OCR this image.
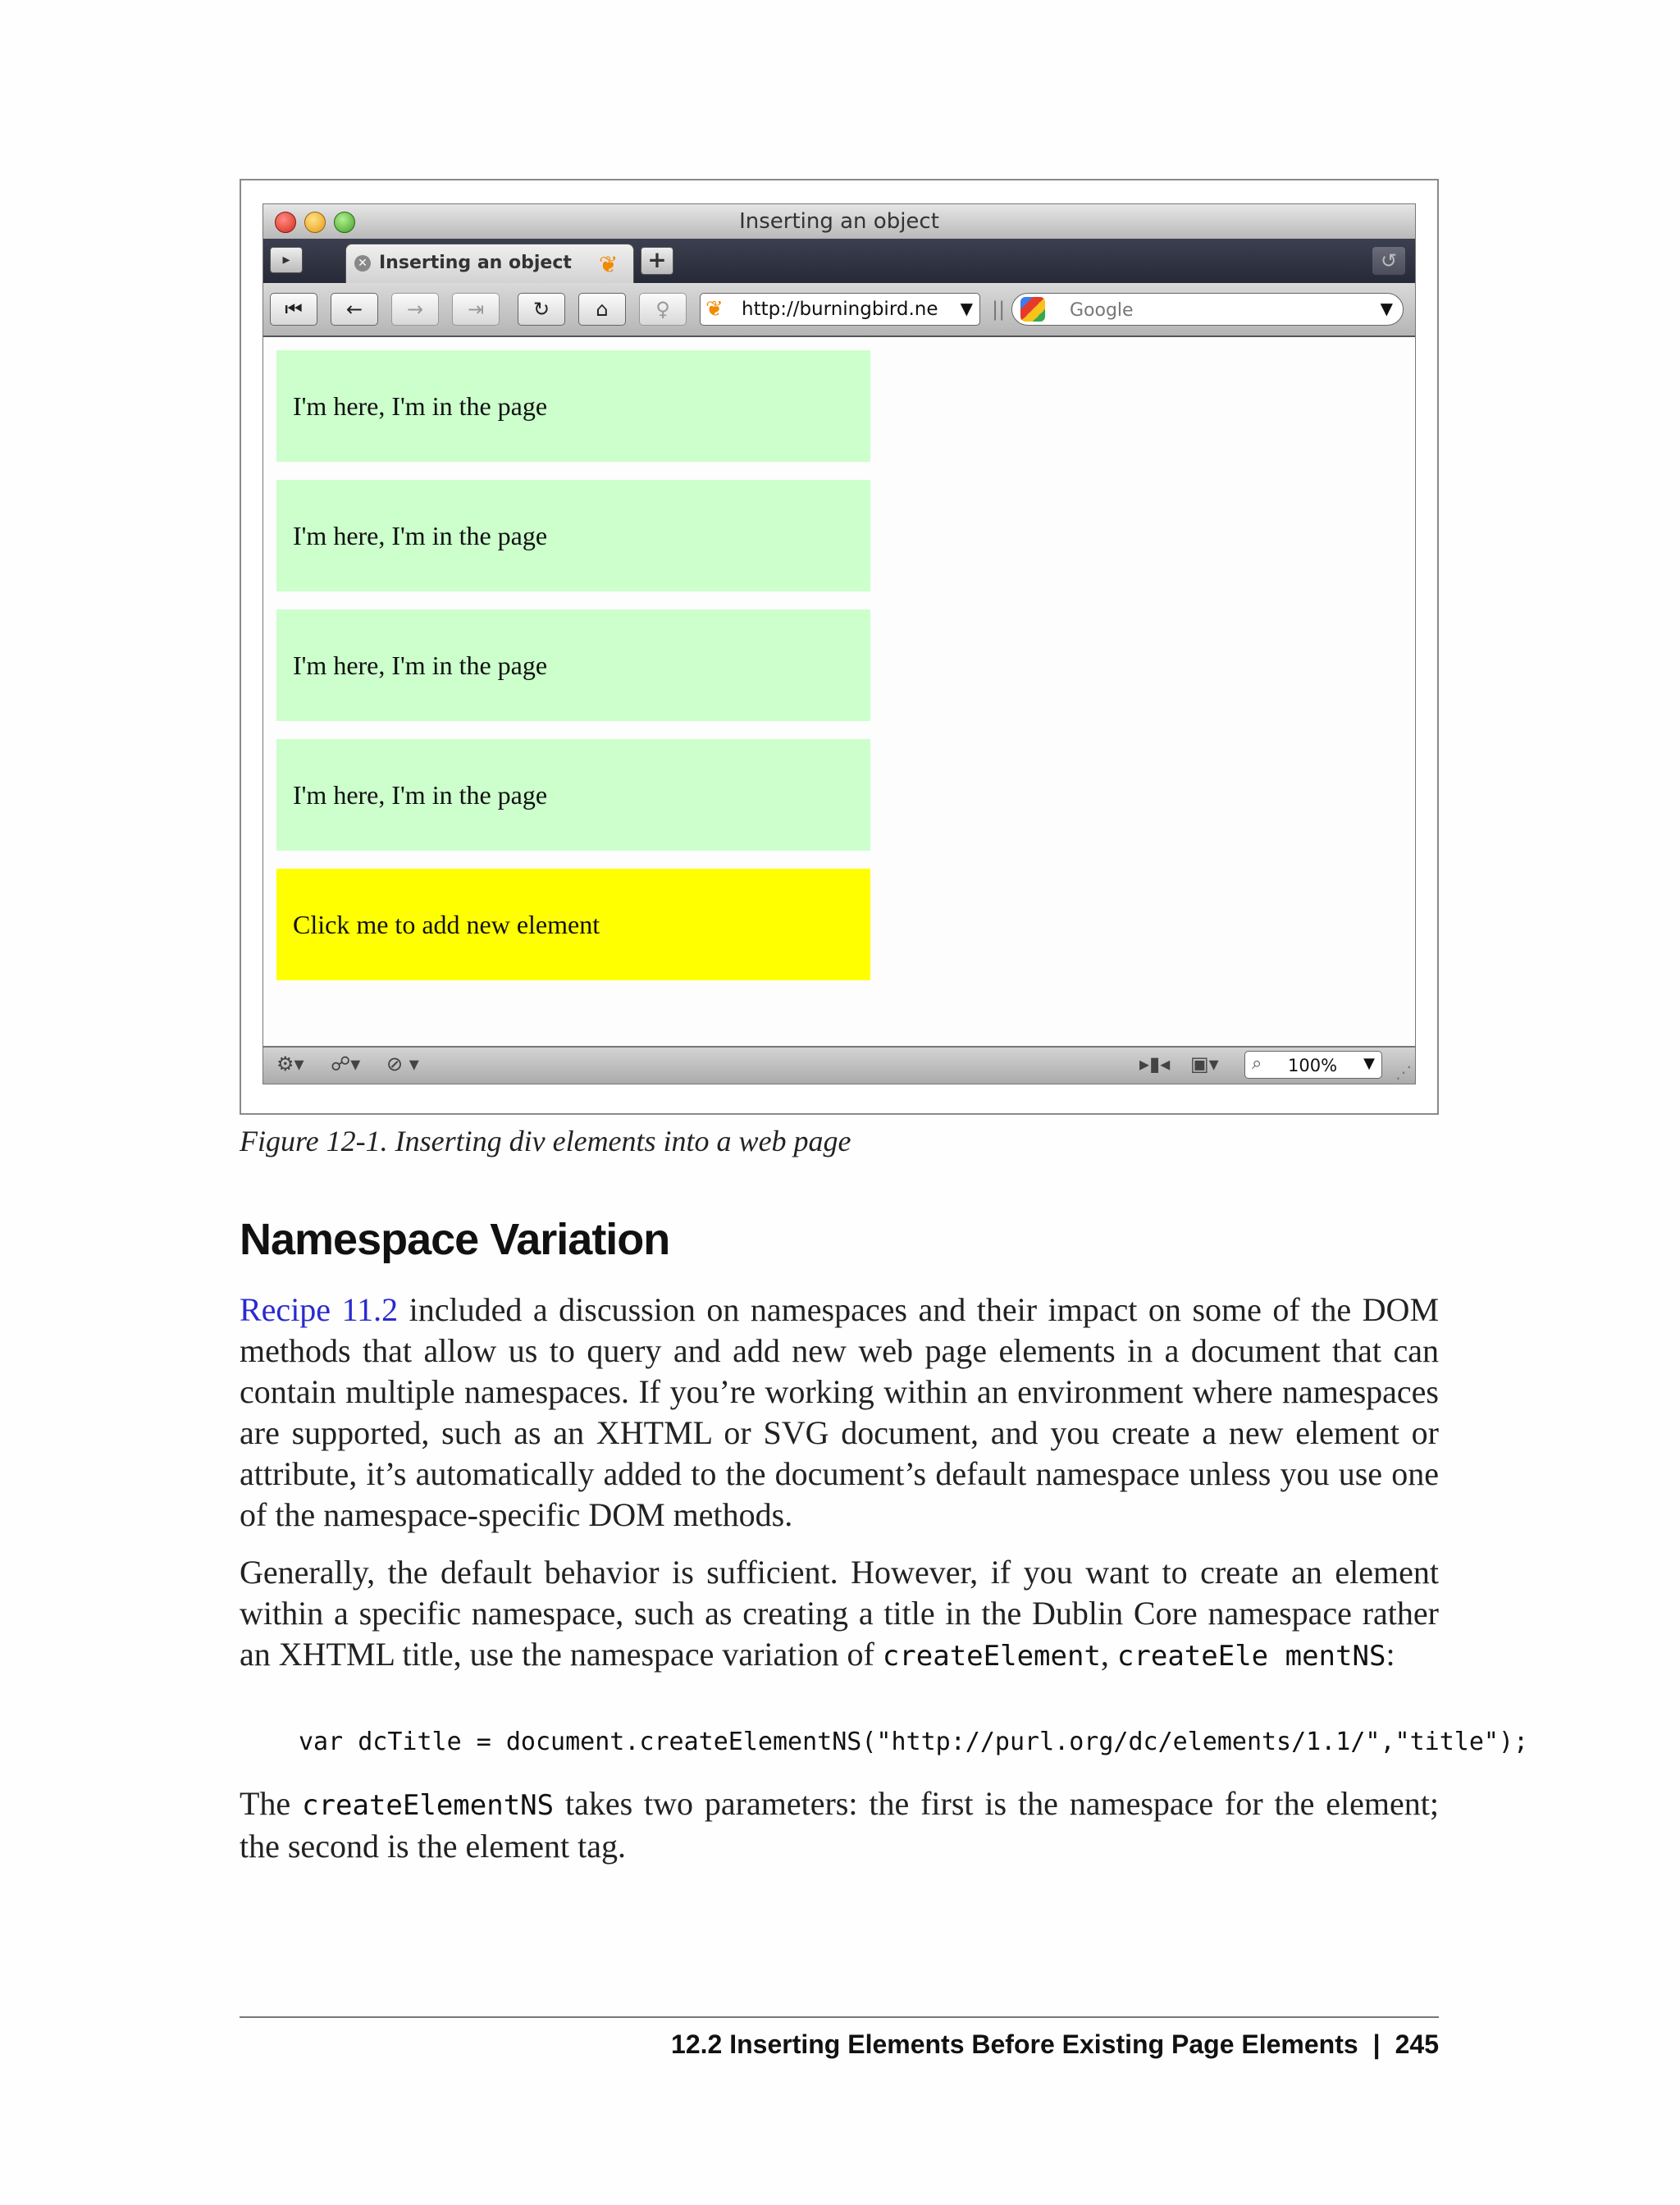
Inserting an object
▸	✕ Inserting an object ❦ +	↺
⏮	←	→	⇥	↻	⌂	♀	❦ http://burningbird.ne ▼ ||	Google	▼
I'm here, I'm in the page
I'm here, I'm in the page
I'm here, I'm in the page
I'm here, I'm in the page
Click me to add new element
⚙▾ ☍▾ ⊘ ▾	▸▮◂ ▣▾ ⌕ 100% ▼ ⋰
Figure 12-1. Inserting div elements into a web page
Namespace Variation

Recipe 11.2 included a discussion on namespaces and their impact on some of the DOM methods that allow us to query and add new web page elements in a document that can contain multiple namespaces. If you’re working within an environment where namespaces are supported, such as an XHTML or SVG document, and you create a new element or attribute, it’s automatically added to the document’s default namespace unless you use one of the namespace-specific DOM methods.

Generally, the default behavior is sufficient. However, if you want to create an element within a specific namespace, such as creating a title in the Dublin Core namespace rather an XHTML title, use the namespace variation of createElement, createEle mentNS:

var dcTitle = document.createElementNS("http://purl.org/dc/elements/1.1/","title");

The createElementNS takes two parameters: the first is the namespace for the element; the second is the element tag.

12.2 Inserting Elements Before Existing Page Elements | 245
